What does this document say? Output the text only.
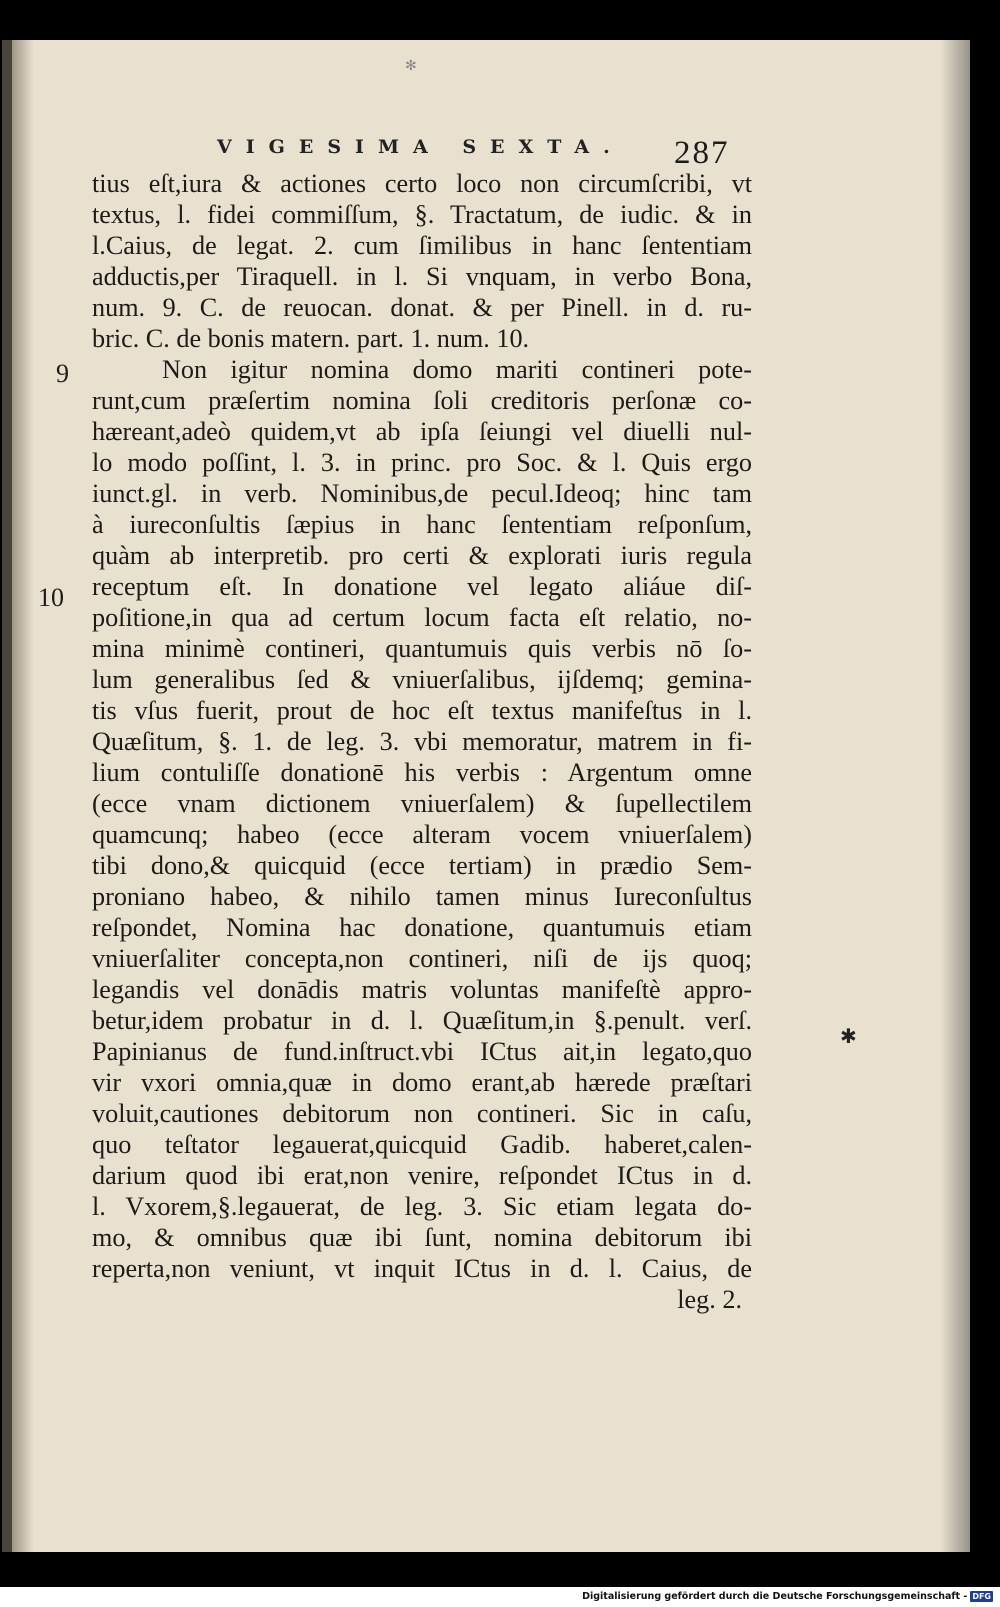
✻
VIGESIMA SEXTA. 287
9
10
✱
tius eſt,iura & actiones certo loco non circumſcribi, vt
textus, l. fidei commiſſum, §. Tractatum, de iudic. & in
l.Caius, de legat. 2. cum ſimilibus in hanc ſententiam
adductis,per Tiraquell. in l. Si vnquam, in verbo Bona,
num. 9. C. de reuocan. donat. & per Pinell. in d. ru-
bric. C. de bonis matern. part. 1. num. 10.
Non igitur nomina domo mariti contineri pote-
runt,cum præſertim nomina ſoli creditoris perſonæ co-
hæreant,adeò quidem,vt ab ipſa ſeiungi vel diuelli nul-
lo modo poſſint, l. 3. in princ. pro Soc. & l. Quis ergo
iunct.gl. in verb. Nominibus,de pecul.Ideoq; hinc tam
à iureconſultis ſæpius in hanc ſententiam reſponſum,
quàm ab interpretib. pro certi & explorati iuris regula
receptum eſt. In donatione vel legato aliáue diſ-
poſitione,in qua ad certum locum facta eſt relatio, no-
mina minimè contineri, quantumuis quis verbis nō ſo-
lum generalibus ſed & vniuerſalibus, ijſdemq; gemina-
tis vſus fuerit, prout de hoc eſt textus manifeſtus in l.
Quæſitum, §. 1. de leg. 3. vbi memoratur, matrem in fi-
lium contuliſſe donationē his verbis : Argentum omne
(ecce vnam dictionem vniuerſalem) & ſupellectilem
quamcunq; habeo (ecce alteram vocem vniuerſalem)
tibi dono,& quicquid (ecce tertiam) in prædio Sem-
proniano habeo, & nihilo tamen minus Iureconſultus
reſpondet, Nomina hac donatione, quantumuis etiam
vniuerſaliter concepta,non contineri, niſi de ijs quoq;
legandis vel donādis matris voluntas manifeſtè appro-
betur,idem probatur in d. l. Quæſitum,in §.penult. verſ.
Papinianus de fund.inſtruct.vbi ICtus ait,in legato,quo
vir vxori omnia,quæ in domo erant,ab hærede præſtari
voluit,cautiones debitorum non contineri. Sic in caſu,
quo teſtator legauerat,quicquid Gadib. haberet,calen-
darium quod ibi erat,non venire, reſpondet ICtus in d.
l. Vxorem,§.legauerat, de leg. 3. Sic etiam legata do-
mo, & omnibus quæ ibi ſunt, nomina debitorum ibi
reperta,non veniunt, vt inquit ICtus in d. l. Caius, de
leg. 2.
Digitalisierung gefördert durch die Deutsche Forschungsgemeinschaft - DFG
